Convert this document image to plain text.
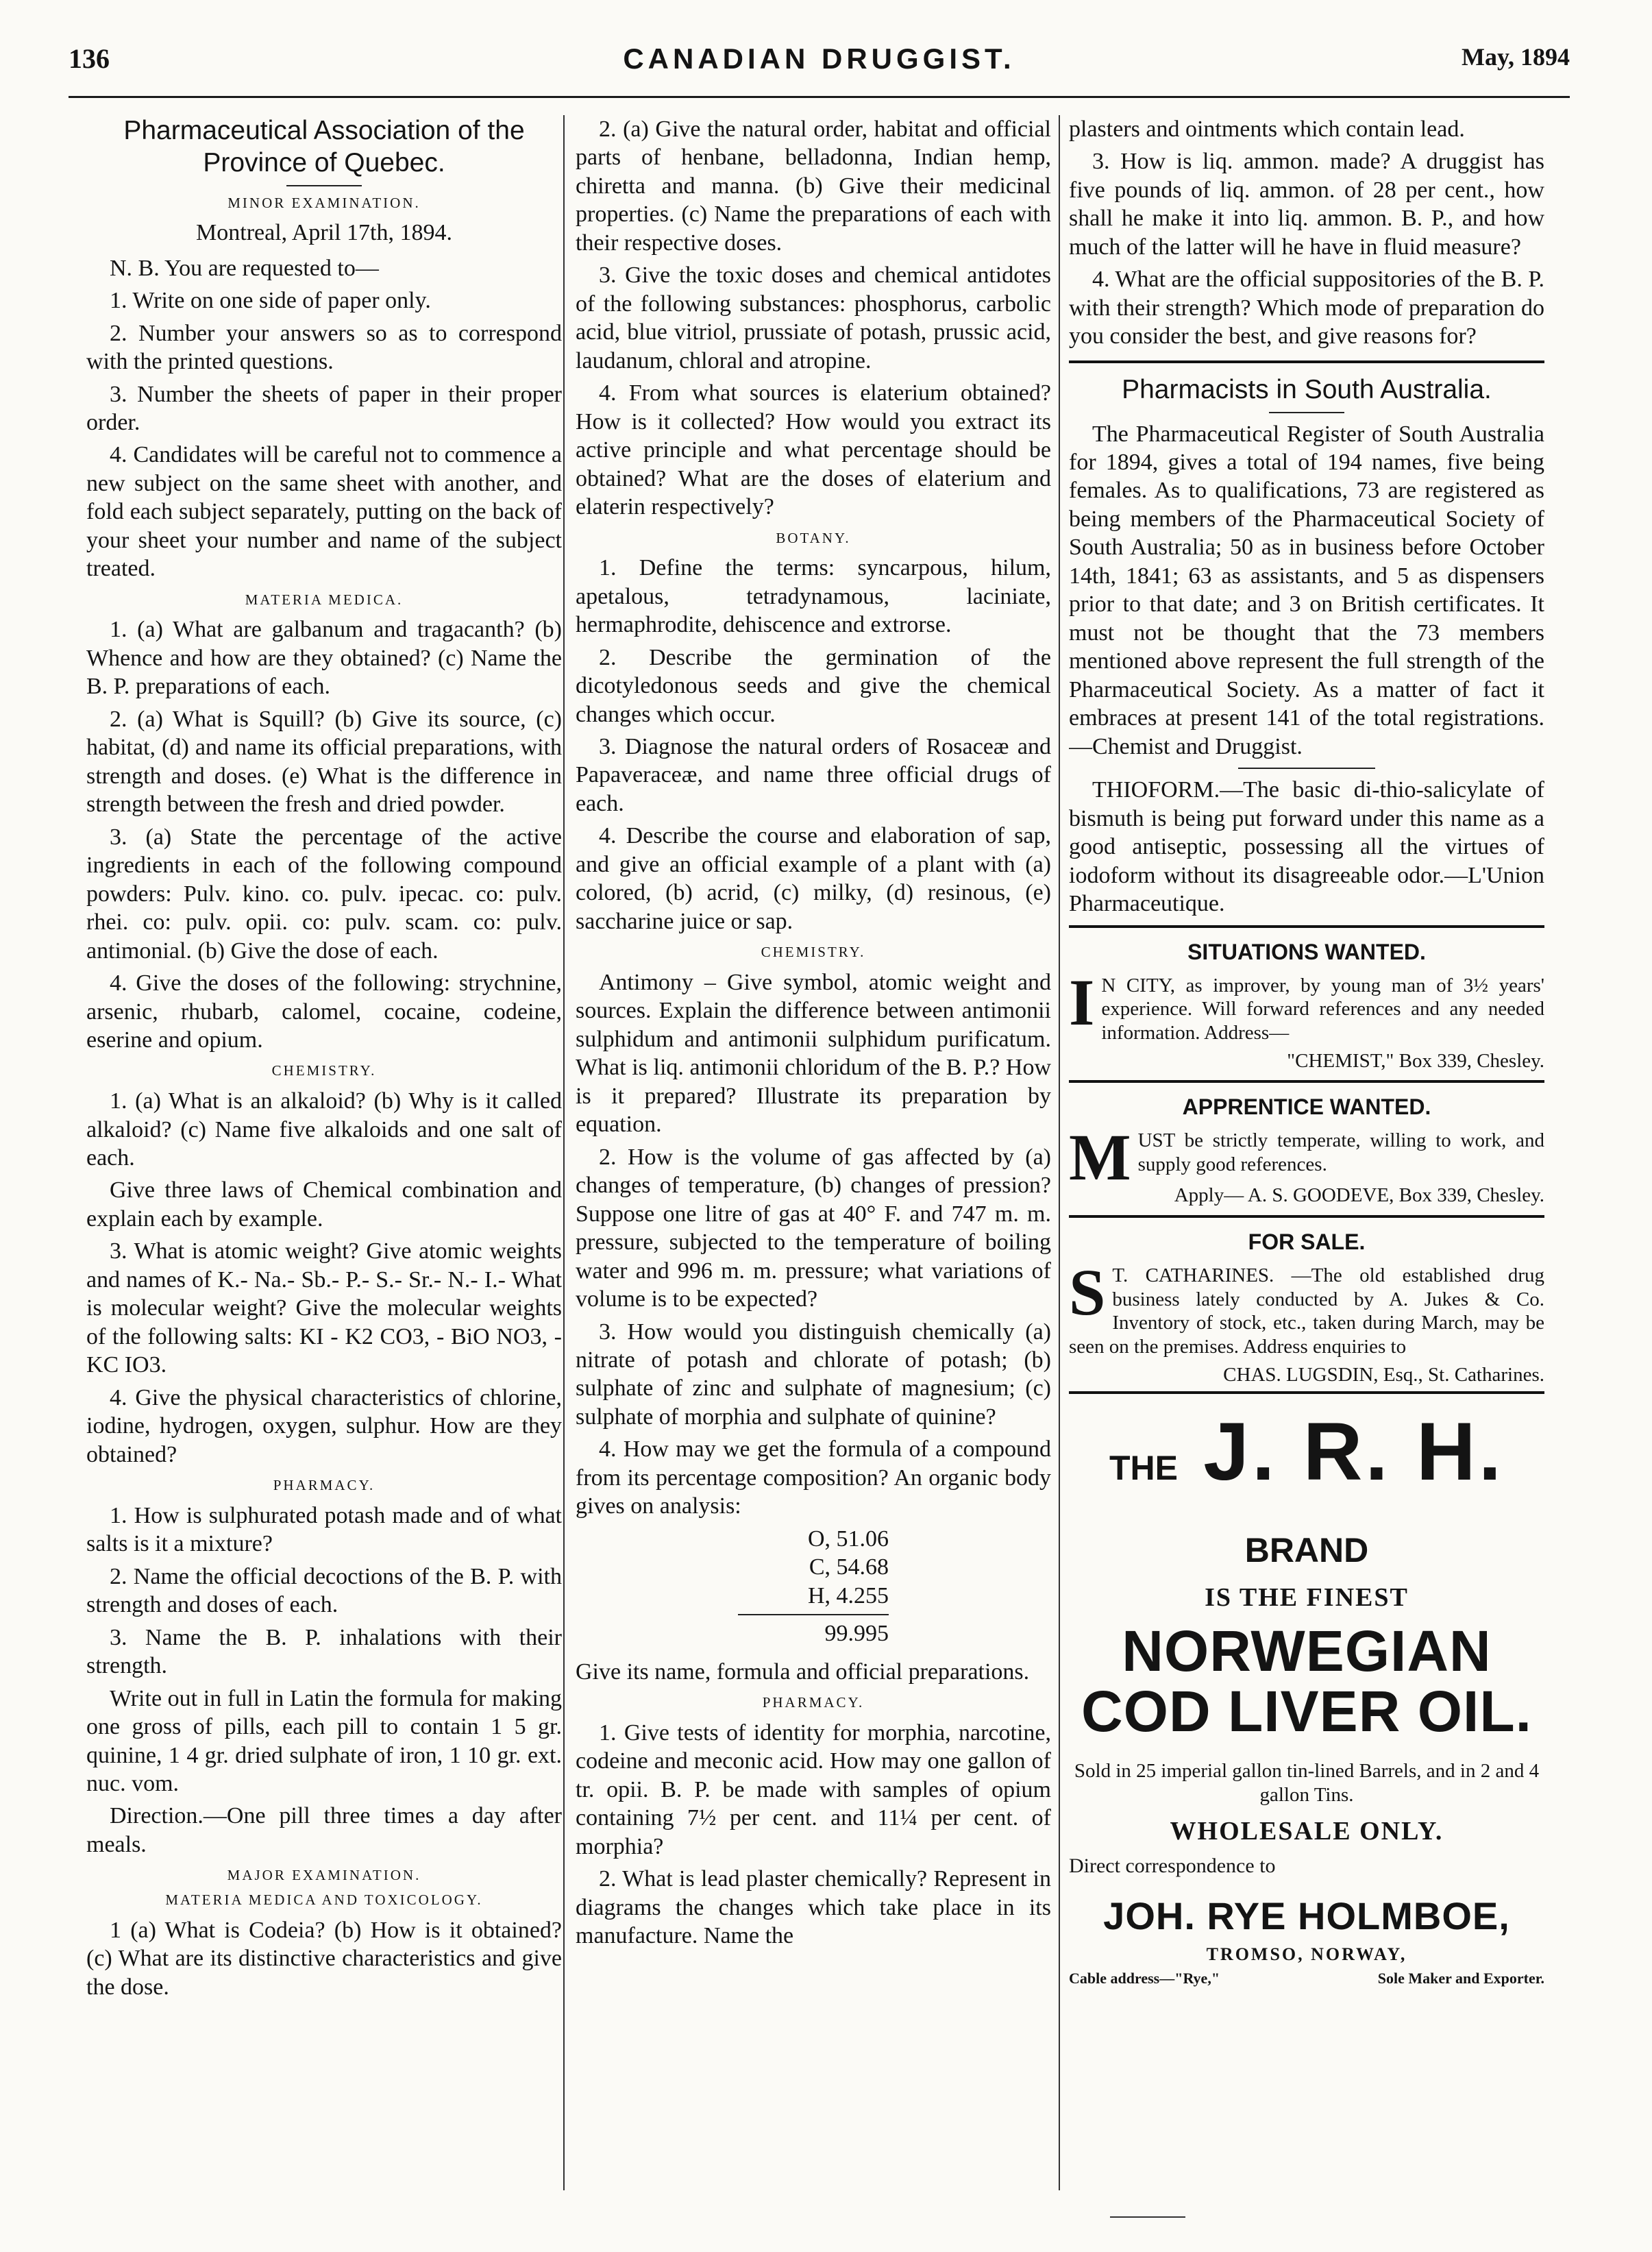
136	CANADIAN DRUGGIST.	May, 1894
Pharmaceutical Association of the Province of Quebec.
MINOR EXAMINATION.
Montreal, April 17th, 1894.

N. B. You are requested to—

1. Write on one side of paper only.

2. Number your answers so as to correspond with the printed questions.

3. Number the sheets of paper in their proper order.

4. Candidates will be careful not to commence a new subject on the same sheet with another, and fold each subject separately, putting on the back of your sheet your number and name of the subject treated.

MATERIA MEDICA.

1. (a) What are galbanum and tragacanth? (b) Whence and how are they obtained? (c) Name the B. P. preparations of each.

2. (a) What is Squill? (b) Give its source, (c) habitat, (d) and name its official preparations, with strength and doses. (e) What is the difference in strength between the fresh and dried powder.

3. (a) State the percentage of the active ingredients in each of the following compound powders: Pulv. kino. co. pulv. ipecac. co: pulv. rhei. co: pulv. opii. co: pulv. scam. co: pulv. antimonial. (b) Give the dose of each.

4. Give the doses of the following: strychnine, arsenic, rhubarb, calomel, cocaine, codeine, eserine and opium.

CHEMISTRY.

1. (a) What is an alkaloid? (b) Why is it called alkaloid? (c) Name five alkaloids and one salt of each.

Give three laws of Chemical combination and explain each by example.

3. What is atomic weight? Give atomic weights and names of K.- Na.- Sb.- P.- S.- Sr.- N.- I.- What is molecular weight? Give the molecular weights of the following salts: KI - K2 CO3, - BiO NO3, - KC IO3.

4. Give the physical characteristics of chlorine, iodine, hydrogen, oxygen, sulphur. How are they obtained?

PHARMACY.

1. How is sulphurated potash made and of what salts is it a mixture?

2. Name the official decoctions of the B. P. with strength and doses of each.

3. Name the B. P. inhalations with their strength.

Write out in full in Latin the formula for making one gross of pills, each pill to contain 1 5 gr. quinine, 1 4 gr. dried sulphate of iron, 1 10 gr. ext. nuc. vom.

Direction.—One pill three times a day after meals.

MAJOR EXAMINATION.
MATERIA MEDICA AND TOXICOLOGY.

1 (a) What is Codeia? (b) How is it obtained? (c) What are its distinctive characteristics and give the dose.

2. (a) Give the natural order, habitat and official parts of henbane, belladonna, Indian hemp, chiretta and manna. (b) Give their medicinal properties. (c) Name the preparations of each with their respective doses.

3. Give the toxic doses and chemical antidotes of the following substances: phosphorus, carbolic acid, blue vitriol, prussiate of potash, prussic acid, laudanum, chloral and atropine.

4. From what sources is elaterium obtained? How is it collected? How would you extract its active principle and what percentage should be obtained? What are the doses of elaterium and elaterin respectively?

BOTANY.

1. Define the terms: syncarpous, hilum, apetalous, tetradynamous, laciniate, hermaphrodite, dehiscence and extrorse.

2. Describe the germination of the dicotyledonous seeds and give the chemical changes which occur.

3. Diagnose the natural orders of Rosaceæ and Papaveraceæ, and name three official drugs of each.

4. Describe the course and elaboration of sap, and give an official example of a plant with (a) colored, (b) acrid, (c) milky, (d) resinous, (e) saccharine juice or sap.

CHEMISTRY.

Antimony – Give symbol, atomic weight and sources. Explain the difference between antimonii sulphidum and antimonii sulphidum purificatum. What is liq. antimonii chloridum of the B. P.? How is it prepared? Illustrate its preparation by equation.

2. How is the volume of gas affected by (a) changes of temperature, (b) changes of pression? Suppose one litre of gas at 40° F. and 747 m. m. pressure, subjected to the temperature of boiling water and 996 m. m. pressure; what variations of volume is to be expected?

3. How would you distinguish chemically (a) nitrate of potash and chlorate of potash; (b) sulphate of zinc and sulphate of magnesium; (c) sulphate of morphia and sulphate of quinine?

4. How may we get the formula of a compound from its percentage composition? An organic body gives on analysis:

O, 51.06
C, 54.68
H, 4.255
99.995

Give its name, formula and official preparations.

PHARMACY.

1. Give tests of identity for morphia, narcotine, codeine and meconic acid. How may one gallon of tr. opii. B. P. be made with samples of opium containing 7½ per cent. and 11¼ per cent. of morphia?

2. What is lead plaster chemically? Represent in diagrams the changes which take place in its manufacture. Name the

plasters and ointments which contain lead.

3. How is liq. ammon. made? A druggist has five pounds of liq. ammon. of 28 per cent., how shall he make it into liq. ammon. B. P., and how much of the latter will he have in fluid measure?

4. What are the official suppositories of the B. P. with their strength? Which mode of preparation do you consider the best, and give reasons for?

Pharmacists in South Australia.

The Pharmaceutical Register of South Australia for 1894, gives a total of 194 names, five being females. As to qualifications, 73 are registered as being members of the Pharmaceutical Society of South Australia; 50 as in business before October 14th, 1841; 63 as assistants, and 5 as dispensers prior to that date; and 3 on British certificates. It must not be thought that the 73 members mentioned above represent the full strength of the Pharmaceutical Society. As a matter of fact it embraces at present 141 of the total registrations.—Chemist and Druggist.

THIOFORM.—The basic di-thio-salicylate of bismuth is being put forward under this name as a good antiseptic, possessing all the virtues of iodoform without its disagreeable odor.—L'Union Pharmaceutique.

SITUATIONS WANTED.
I N CITY, as improver, by young man of 3½ years' experience. Will forward references and any needed information. Address—

"CHEMIST," Box 339, Chesley.
APPRENTICE WANTED.
M UST be strictly temperate, willing to work, and supply good references.

Apply— A. S. GOODEVE, Box 339, Chesley.
FOR SALE.
S T. CATHARINES. —The old established drug business lately conducted by A. Jukes & Co. Inventory of stock, etc., taken during March, may be seen on the premises. Address enquiries to

CHAS. LUGSDIN, Esq., St. Catharines.
THE J. R. H. BRAND
IS THE FINEST
NORWEGIAN
COD LIVER OIL.
Sold in 25 imperial gallon tin-lined Barrels, and in 2 and 4 gallon Tins.
WHOLESALE ONLY.
Direct correspondence to
JOH. RYE HOLMBOE,
TROMSO, NORWAY,
Cable address—"Rye,"	Sole Maker and Exporter.
